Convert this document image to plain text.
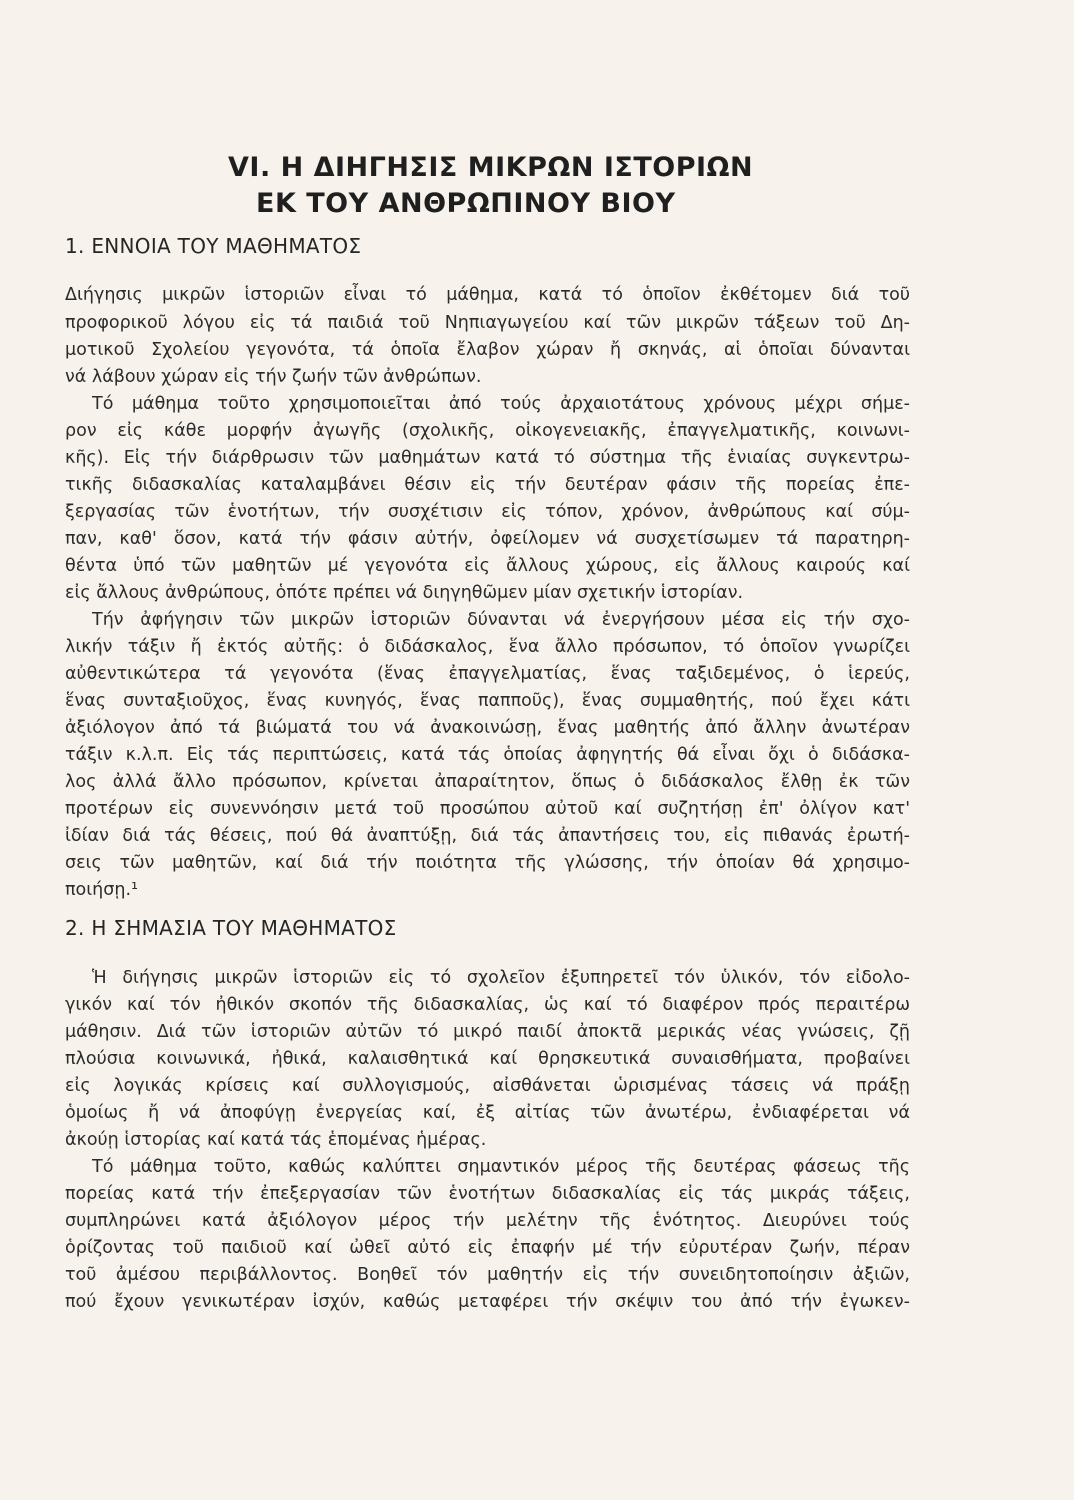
VI. Η ΔΙΗΓΗΣΙΣ ΜΙΚΡΩΝ ΙΣΤΟΡΙΩΝ
ΕΚ ΤΟΥ ΑΝΘΡΩΠΙΝΟΥ ΒΙΟΥ
1. ΕΝΝΟΙΑ ΤΟΥ ΜΑΘΗΜΑΤΟΣ
Διήγησις μικρῶν ἱστοριῶν εἶναι τό μάθημα, κατά τό ὁποῖον ἐκθέτομεν διά τοῦ
προφορικοῦ λόγου εἰς τά παιδιά τοῦ Νηπιαγωγείου καί τῶν μικρῶν τάξεων τοῦ Δη-
μοτικοῦ Σχολείου γεγονότα, τά ὁποῖα ἔλαβον χώραν ἤ σκηνάς, αἱ ὁποῖαι δύνανται
νά λάβουν χώραν εἰς τήν ζωήν τῶν ἀνθρώπων.
Τό μάθημα τοῦτο χρησιμοποιεῖται ἀπό τούς ἀρχαιοτάτους χρόνους μέχρι σήμε-
ρον εἰς κάθε μορφήν ἀγωγῆς (σχολικῆς, οἰκογενειακῆς, ἐπαγγελματικῆς, κοινωνι-
κῆς). Εἰς τήν διάρθρωσιν τῶν μαθημάτων κατά τό σύστημα τῆς ἑνιαίας συγκεντρω-
τικῆς διδασκαλίας καταλαμβάνει θέσιν εἰς τήν δευτέραν φάσιν τῆς πορείας ἐπε-
ξεργασίας τῶν ἑνοτήτων, τήν συσχέτισιν εἰς τόπον, χρόνον, ἀνθρώπους καί σύμ-
παν, καθ' ὅσον, κατά τήν φάσιν αὐτήν, ὀφείλομεν νά συσχετίσωμεν τά παρατηρη-
θέντα ὑπό τῶν μαθητῶν μέ γεγονότα εἰς ἄλλους χώρους, εἰς ἄλλους καιρούς καί
εἰς ἄλλους ἀνθρώπους, ὁπότε πρέπει νά διηγηθῶμεν μίαν σχετικήν ἱστορίαν.
Τήν ἀφήγησιν τῶν μικρῶν ἱστοριῶν δύνανται νά ἐνεργήσουν μέσα εἰς τήν σχο-
λικήν τάξιν ἤ ἐκτός αὐτῆς: ὁ διδάσκαλος, ἕνα ἄλλο πρόσωπον, τό ὁποῖον γνωρίζει
αὐθεντικώτερα τά γεγονότα (ἕνας ἐπαγγελματίας, ἕνας ταξιδεμένος, ὁ ἱερεύς,
ἕνας συνταξιοῦχος, ἕνας κυνηγός, ἕνας παπποῦς), ἕνας συμμαθητής, πού ἔχει κάτι
ἀξιόλογον ἀπό τά βιώματά του νά ἀνακοινώσῃ, ἕνας μαθητής ἀπό ἄλλην ἀνωτέραν
τάξιν κ.λ.π. Εἰς τάς περιπτώσεις, κατά τάς ὁποίας ἀφηγητής θά εἶναι ὄχι ὁ διδάσκα-
λος ἀλλά ἄλλο πρόσωπον, κρίνεται ἀπαραίτητον, ὅπως ὁ διδάσκαλος ἔλθῃ ἐκ τῶν
προτέρων εἰς συνεννόησιν μετά τοῦ προσώπου αὐτοῦ καί συζητήσῃ ἐπ' ὀλίγον κατ'
ἰδίαν διά τάς θέσεις, πού θά ἀναπτύξῃ, διά τάς ἀπαντήσεις του, εἰς πιθανάς ἐρωτή-
σεις τῶν μαθητῶν, καί διά τήν ποιότητα τῆς γλώσσης, τήν ὁποίαν θά χρησιμο-
ποιήσῃ.¹
2. Η ΣΗΜΑΣΙΑ ΤΟΥ ΜΑΘΗΜΑΤΟΣ
Ἡ διήγησις μικρῶν ἱστοριῶν εἰς τό σχολεῖον ἐξυπηρετεῖ τόν ὑλικόν, τόν εἰδολο-
γικόν καί τόν ἠθικόν σκοπόν τῆς διδασκαλίας, ὡς καί τό διαφέρον πρός περαιτέρω
μάθησιν. Διά τῶν ἱστοριῶν αὐτῶν τό μικρό παιδί ἀποκτᾶ μερικάς νέας γνώσεις, ζῇ
πλούσια κοινωνικά, ἠθικά, καλαισθητικά καί θρησκευτικά συναισθήματα, προβαίνει
εἰς λογικάς κρίσεις καί συλλογισμούς, αἰσθάνεται ὡρισμένας τάσεις νά πράξῃ
ὁμοίως ἤ νά ἀποφύγῃ ἐνεργείας καί, ἐξ αἰτίας τῶν ἀνωτέρω, ἐνδιαφέρεται νά
ἀκούῃ ἱστορίας καί κατά τάς ἑπομένας ἡμέρας.
Τό μάθημα τοῦτο, καθώς καλύπτει σημαντικόν μέρος τῆς δευτέρας φάσεως τῆς
πορείας κατά τήν ἐπεξεργασίαν τῶν ἑνοτήτων διδασκαλίας εἰς τάς μικράς τάξεις,
συμπληρώνει κατά ἀξιόλογον μέρος τήν μελέτην τῆς ἑνότητος. Διευρύνει τούς
ὁρίζοντας τοῦ παιδιοῦ καί ὠθεῖ αὐτό εἰς ἐπαφήν μέ τήν εὐρυτέραν ζωήν, πέραν
τοῦ ἀμέσου περιβάλλοντος. Βοηθεῖ τόν μαθητήν εἰς τήν συνειδητοποίησιν ἀξιῶν,
πού ἔχουν γενικωτέραν ἰσχύν, καθώς μεταφέρει τήν σκέψιν του ἀπό τήν ἐγωκεν-
